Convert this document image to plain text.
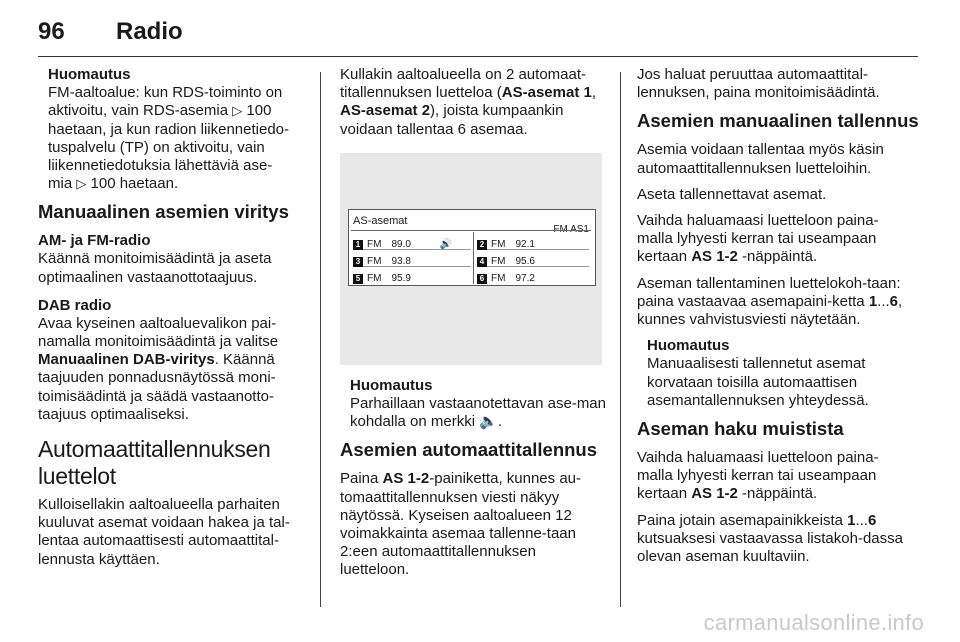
96 Radio
Huomautus
FM-aaltoalue: kun RDS-toiminto on
aktivoitu, vain RDS-asemia ▷ 100
haetaan, ja kun radion liikennetiedo-
tuspalvelu (TP) on aktivoitu, vain
liikennetiedotuksia lähettäviä ase-
mia ▷ 100 haetaan.
Manuaalinen asemien viritys
AM- ja FM-radio

Käännä monitoimisäädintä ja aseta optimaalinen vastaanottotaajuus.

DAB radio

Avaa kyseinen aaltoaluevalikon pai-namalla monitoimisäädintä ja valitse Manuaalinen DAB-viritys. Käännä taajuuden ponnadusnäytössä moni-toimisäädintä ja säädä vastaanotto-taajuus optimaaliseksi.

Automaattitallennuksen luettelot

Kulloisellakin aaltoalueella parhaiten kuuluvat asemat voidaan hakea ja tal-lentaa automaattisesti automaattital-lennusta käyttäen.

Kullakin aaltoalueella on 2 automaat-titallennuksen luetteloa (AS-asemat 1, AS-asemat 2), joista kumpaankin voidaan tallentaa 6 asemaa.

AS-asemat
1 FM 89.0	🔊	2 FM 92.1
3 FM 93.8	4 FM 95.6
5 FM 95.9	6 FM 97.2
Huomautus
Parhaillaan vastaanotettavan ase-man kohdalla on merkki 🔈.
Asemien automaattitallennus

Paina AS 1-2-painiketta, kunnes au-tomaattitallennuksen viesti näkyy näytössä. Kyseisen aaltoalueen 12 voimakkainta asemaa tallenne-taan 2:een automaattitallennuksen luetteloon.

Jos haluat peruuttaa automaattital-lennuksen, paina monitoimisäädintä.

Asemien manuaalinen tallennus

Asemia voidaan tallentaa myös käsin automaattitallennuksen luetteloihin.

Aseta tallennettavat asemat.

Vaihda haluamaasi luetteloon paina-malla lyhyesti kerran tai useampaan kertaan AS 1-2 -näppäintä.

Aseman tallentaminen luettelokoh-taan: paina vastaavaa asemapaini-ketta 1...6, kunnes vahvistusviesti näytetään.

Huomautus
Manuaalisesti tallennetut asemat korvataan toisilla automaattisen asemantallennuksen yhteydessä.
Aseman haku muistista

Vaihda haluamaasi luetteloon paina-malla lyhyesti kerran tai useampaan kertaan AS 1-2 -näppäintä.

Paina jotain asemapainikkeista 1...6 kutsuaksesi vastaavassa listakoh-dassa olevan aseman kuultaviin.

carmanualsonline.info
